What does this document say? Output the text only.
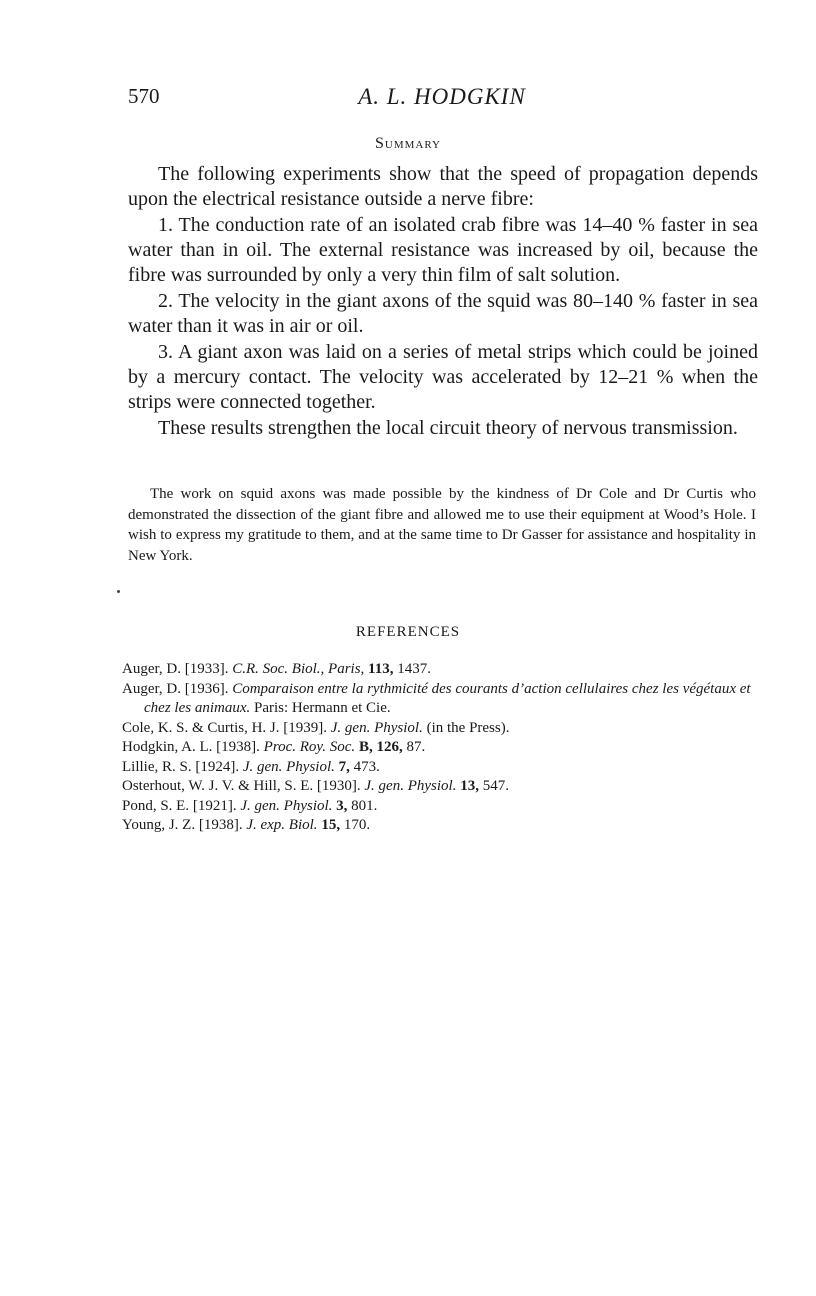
570	A. L. HODGKIN
Summary

The following experiments show that the speed of propagation depends upon the electrical resistance outside a nerve fibre:

1. The conduction rate of an isolated crab fibre was 14–40 % faster in sea water than in oil. The external resistance was increased by oil, because the fibre was surrounded by only a very thin film of salt solution.

2. The velocity in the giant axons of the squid was 80–140 % faster in sea water than it was in air or oil.

3. A giant axon was laid on a series of metal strips which could be joined by a mercury contact. The velocity was accelerated by 12–21 % when the strips were connected together.

These results strengthen the local circuit theory of nervous transmission.

The work on squid axons was made possible by the kindness of Dr Cole and Dr Curtis who demonstrated the dissection of the giant fibre and allowed me to use their equipment at Wood’s Hole. I wish to express my gratitude to them, and at the same time to Dr Gasser for assistance and hospitality in New York.

REFERENCES
Auger, D. [1933]. C.R. Soc. Biol., Paris, 113, 1437.
Auger, D. [1936]. Comparaison entre la rythmicité des courants d’action cellulaires chez les végétaux et chez les animaux. Paris: Hermann et Cie.
Cole, K. S. & Curtis, H. J. [1939]. J. gen. Physiol. (in the Press).
Hodgkin, A. L. [1938]. Proc. Roy. Soc. B, 126, 87.
Lillie, R. S. [1924]. J. gen. Physiol. 7, 473.
Osterhout, W. J. V. & Hill, S. E. [1930]. J. gen. Physiol. 13, 547.
Pond, S. E. [1921]. J. gen. Physiol. 3, 801.
Young, J. Z. [1938]. J. exp. Biol. 15, 170.
